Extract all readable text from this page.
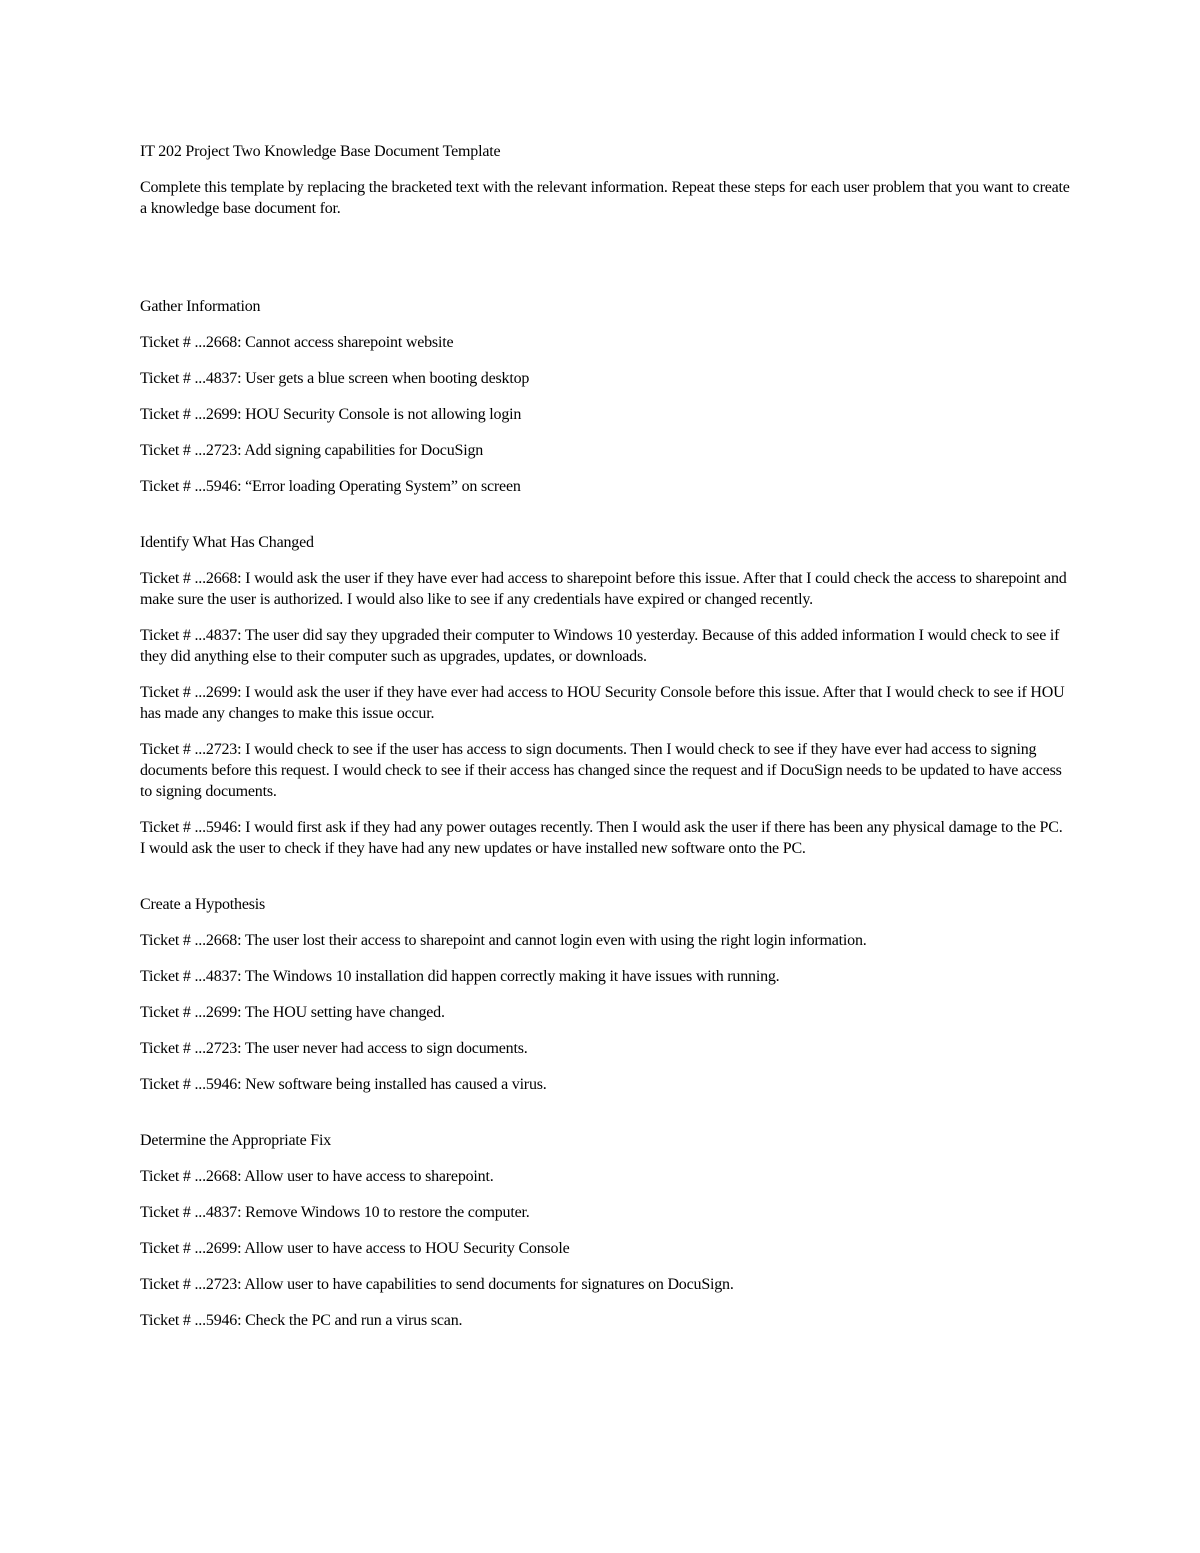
IT 202 Project Two Knowledge Base Document Template

Complete this template by replacing the bracketed text with the relevant information. Repeat these steps for each user problem that you want to create a knowledge base document for.

Gather Information

Ticket # ...2668: Cannot access sharepoint website
Ticket # ...4837: User gets a blue screen when booting desktop
Ticket # ...2699: HOU Security Console is not allowing login
Ticket # ...2723: Add signing capabilities for DocuSign
Ticket # ...5946: “Error loading Operating System” on screen

Identify What Has Changed

Ticket # ...2668: I would ask the user if they have ever had access to sharepoint before this issue. After that I could check the access to sharepoint and make sure the user is authorized. I would also like to see if any credentials have expired or changed recently.
Ticket # ...4837: The user did say they upgraded their computer to Windows 10 yesterday. Because of this added information I would check to see if they did anything else to their computer such as upgrades, updates, or downloads.
Ticket # ...2699: I would ask the user if they have ever had access to HOU Security Console before this issue. After that I would check to see if HOU has made any changes to make this issue occur.
Ticket # ...2723: I would check to see if the user has access to sign documents. Then I would check to see if they have ever had access to signing documents before this request. I would check to see if their access has changed since the request and if DocuSign needs to be updated to have access to signing documents.
Ticket # ...5946: I would first ask if they had any power outages recently. Then I would ask the user if there has been any physical damage to the PC. I would ask the user to check if they have had any new updates or have installed new software onto the PC.

Create a Hypothesis

Ticket # ...2668: The user lost their access to sharepoint and cannot login even with using the right login information.
Ticket # ...4837: The Windows 10 installation did happen correctly making it have issues with running.
Ticket # ...2699: The HOU setting have changed.
Ticket # ...2723: The user never had access to sign documents.
Ticket # ...5946: New software being installed has caused a virus.

Determine the Appropriate Fix

Ticket # ...2668: Allow user to have access to sharepoint.
Ticket # ...4837: Remove Windows 10 to restore the computer.
Ticket # ...2699: Allow user to have access to HOU Security Console
Ticket # ...2723: Allow user to have capabilities to send documents for signatures on DocuSign.
Ticket # ...5946: Check the PC and run a virus scan.
